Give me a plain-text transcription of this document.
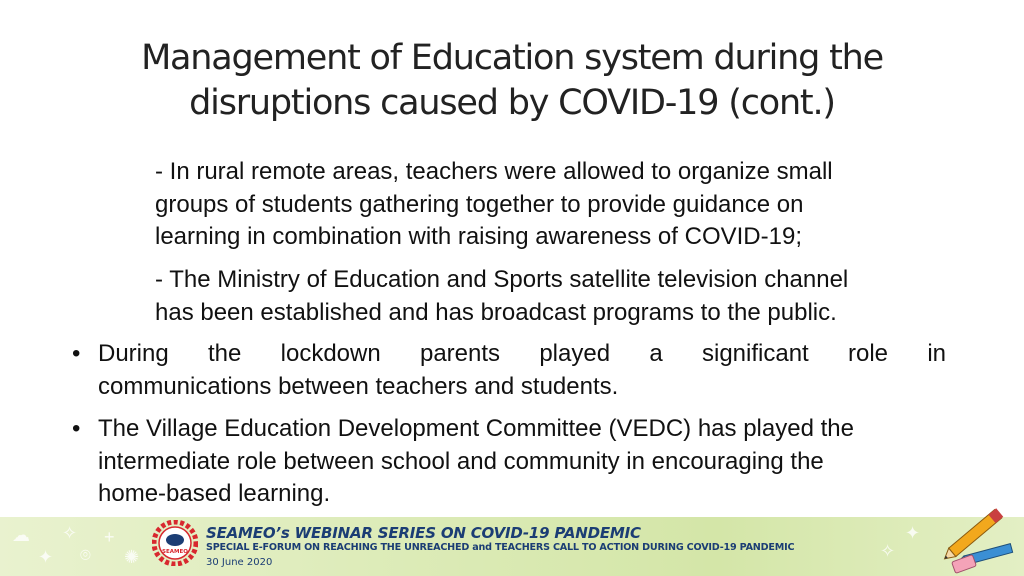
Management of Education system during the
disruptions caused by COVID-19 (cont.)
- In rural remote areas, teachers were allowed to organize small
groups of students gathering together to provide guidance on
learning in combination with raising awareness of COVID-19;
- The Ministry of Education and Sports satellite television channel
has been established and has broadcast programs to the public.
• During the lockdown parents played a significant role in
communications between teachers and students.
• The Village Education Development Committee (VEDC) has played the
intermediate role between school and community in encouraging the
home-based learning.
☁
✦
✧
⌾
+
✺	✧
✦
SEAMEO
SEAMEO’s WEBINAR SERIES ON COVID-19 PANDEMIC
SPECIAL E-FORUM ON REACHING THE UNREACHED and TEACHERS CALL TO ACTION DURING COVID-19 PANDEMIC
30 June 2020
